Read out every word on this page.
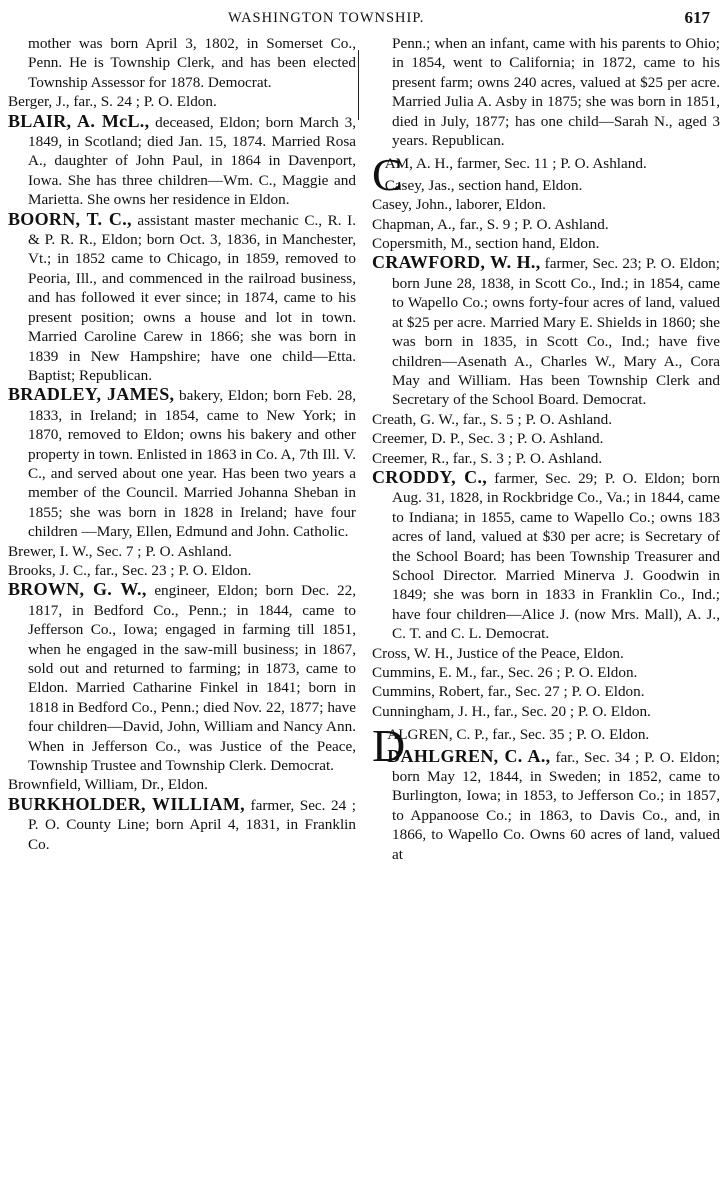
WASHINGTON TOWNSHIP.	617

mother was born April 3, 1802, in Somerset Co., Penn. He is Township Clerk, and has been elected Township Assessor for 1878. Democrat.

Berger, J., far., S. 24 ; P. O. Eldon.

BLAIR, A. McL., deceased, Eldon; born March 3, 1849, in Scotland; died Jan. 15, 1874. Married Rosa A., daughter of John Paul, in 1864 in Davenport, Iowa. She has three children—Wm. C., Maggie and Marietta. She owns her residence in Eldon.

BOORN, T. C., assistant master mechanic C., R. I. & P. R. R., Eldon; born Oct. 3, 1836, in Manchester, Vt.; in 1852 came to Chicago, in 1859, removed to Peoria, Ill., and commenced in the railroad business, and has followed it ever since; in 1874, came to his present position; owns a house and lot in town. Married Caroline Carew in 1866; she was born in 1839 in New Hampshire; have one child—Etta. Baptist; Republican.

BRADLEY, JAMES, bakery, Eldon; born Feb. 28, 1833, in Ireland; in 1854, came to New York; in 1870, removed to Eldon; owns his bakery and other property in town. Enlisted in 1863 in Co. A, 7th Ill. V. C., and served about one year. Has been two years a member of the Council. Married Johanna Sheban in 1855; she was born in 1828 in Ireland; have four children —Mary, Ellen, Edmund and John. Catholic.

Brewer, I. W., Sec. 7 ; P. O. Ashland.

Brooks, J. C., far., Sec. 23 ; P. O. Eldon.

BROWN, G. W., engineer, Eldon; born Dec. 22, 1817, in Bedford Co., Penn.; in 1844, came to Jefferson Co., Iowa; engaged in farming till 1851, when he engaged in the saw-mill business; in 1867, sold out and returned to farming; in 1873, came to Eldon. Married Catharine Finkel in 1841; born in 1818 in Bedford Co., Penn.; died Nov. 22, 1877; have four children—David, John, William and Nancy Ann. When in Jefferson Co., was Justice of the Peace, Township Trustee and Township Clerk. Democrat.

Brownfield, William, Dr., Eldon.

BURKHOLDER, WILLIAM, farmer, Sec. 24 ; P. O. County Line; born April 4, 1831, in Franklin Co.

Penn.; when an infant, came with his parents to Ohio; in 1854, went to California; in 1872, came to his present farm; owns 240 acres, valued at $25 per acre. Married Julia A. Asby in 1875; she was born in 1851, died in July, 1877; has one child—Sarah N., aged 3 years. Republican.

C
AM, A. H., farmer, Sec. 11 ; P. O. Ashland.

Casey, Jas., section hand, Eldon.

Casey, John., laborer, Eldon.

Chapman, A., far., S. 9 ; P. O. Ashland.

Copersmith, M., section hand, Eldon.

CRAWFORD, W. H., farmer, Sec. 23; P. O. Eldon; born June 28, 1838, in Scott Co., Ind.; in 1854, came to Wapello Co.; owns forty-four acres of land, valued at $25 per acre. Married Mary E. Shields in 1860; she was born in 1835, in Scott Co., Ind.; have five children—Asenath A., Charles W., Mary A., Cora May and William. Has been Township Clerk and Secretary of the School Board. Democrat.

Creath, G. W., far., S. 5 ; P. O. Ashland.

Creemer, D. P., Sec. 3 ; P. O. Ashland.

Creemer, R., far., S. 3 ; P. O. Ashland.

CRODDY, C., farmer, Sec. 29; P. O. Eldon; born Aug. 31, 1828, in Rockbridge Co., Va.; in 1844, came to Indiana; in 1855, came to Wapello Co.; owns 183 acres of land, valued at $30 per acre; is Secretary of the School Board; has been Township Treasurer and School Director. Married Minerva J. Goodwin in 1849; she was born in 1833 in Franklin Co., Ind.; have four children—Alice J. (now Mrs. Mall), A. J., C. T. and C. L. Democrat.

Cross, W. H., Justice of the Peace, Eldon.

Cummins, E. M., far., Sec. 26 ; P. O. Eldon.

Cummins, Robert, far., Sec. 27 ; P. O. Eldon.

Cunningham, J. H., far., Sec. 20 ; P. O. Eldon.

D
ALGREN, C. P., far., Sec. 35 ; P. O. Eldon.

DAHLGREN, C. A., far., Sec. 34 ; P. O. Eldon; born May 12, 1844, in Sweden; in 1852, came to Burlington, Iowa; in 1853, to Jefferson Co.; in 1857, to Appanoose Co.; in 1863, to Davis Co., and, in 1866, to Wapello Co. Owns 60 acres of land, valued at
